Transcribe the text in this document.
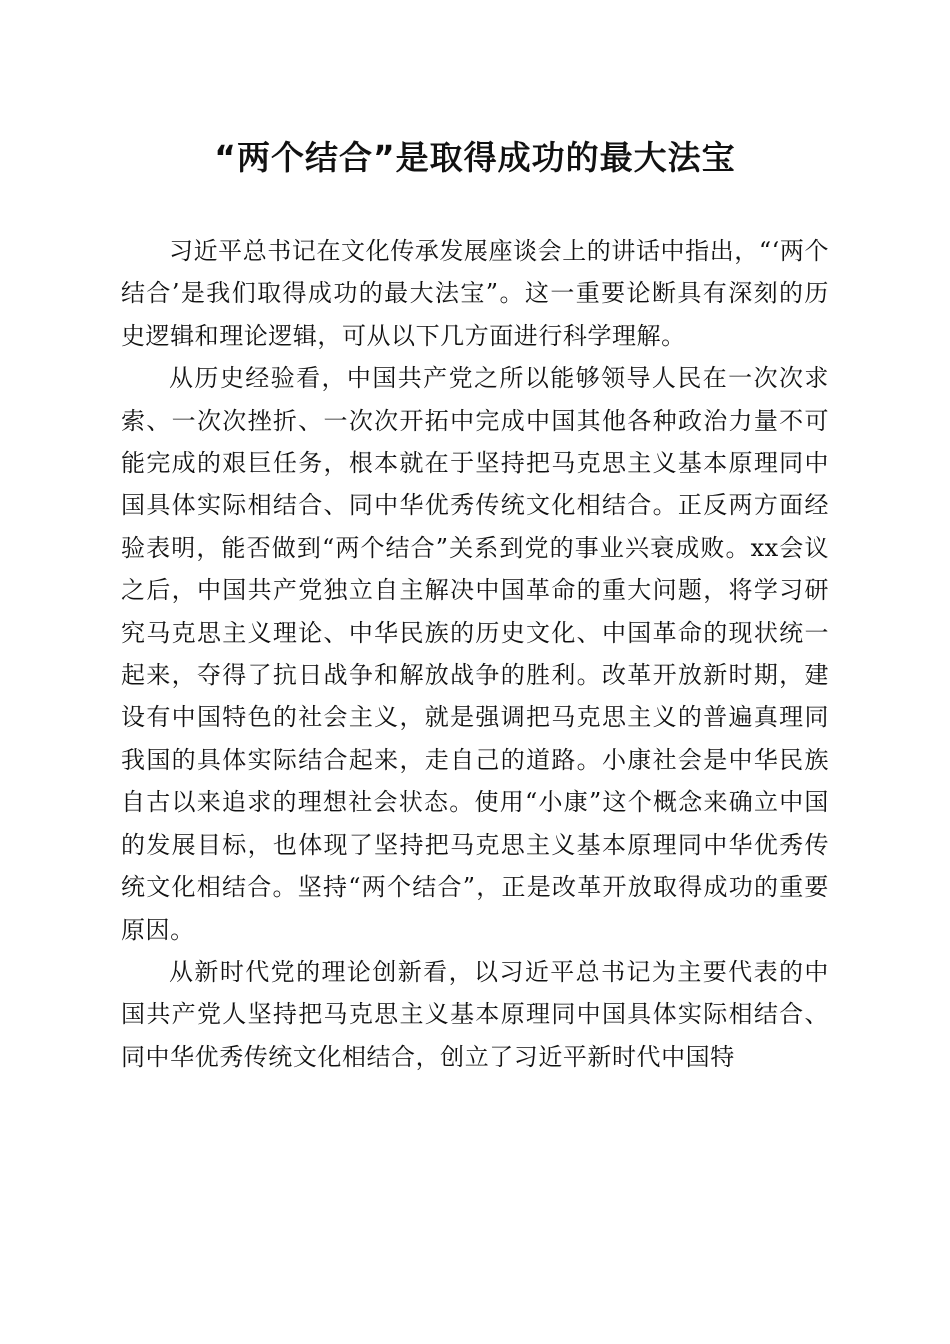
“两个结合”是取得成功的最大法宝

习近平总书记在文化传承发展座谈会上的讲话中指出，“‘两个结合’是我们取得成功的最大法宝”。这一重要论断具有深刻的历史逻辑和理论逻辑，可从以下几方面进行科学理解。

从历史经验看，中国共产党之所以能够领导人民在一次次求索、一次次挫折、一次次开拓中完成中国其他各种政治力量不可能完成的艰巨任务，根本就在于坚持把马克思主义基本原理同中国具体实际相结合、同中华优秀传统文化相结合。正反两方面经验表明，能否做到“两个结合”关系到党的事业兴衰成败。xx会议之后，中国共产党独立自主解决中国革命的重大问题，将学习研究马克思主义理论、中华民族的历史文化、中国革命的现状统一起来，夺得了抗日战争和解放战争的胜利。改革开放新时期，建设有中国特色的社会主义，就是强调把马克思主义的普遍真理同我国的具体实际结合起来，走自己的道路。小康社会是中华民族自古以来追求的理想社会状态。使用“小康”这个概念来确立中国的发展目标，也体现了坚持把马克思主义基本原理同中华优秀传统文化相结合。坚持“两个结合”，正是改革开放取得成功的重要原因。

从新时代党的理论创新看，以习近平总书记为主要代表的中国共产党人坚持把马克思主义基本原理同中国具体实际相结合、同中华优秀传统文化相结合，创立了习近平新时代中国特
